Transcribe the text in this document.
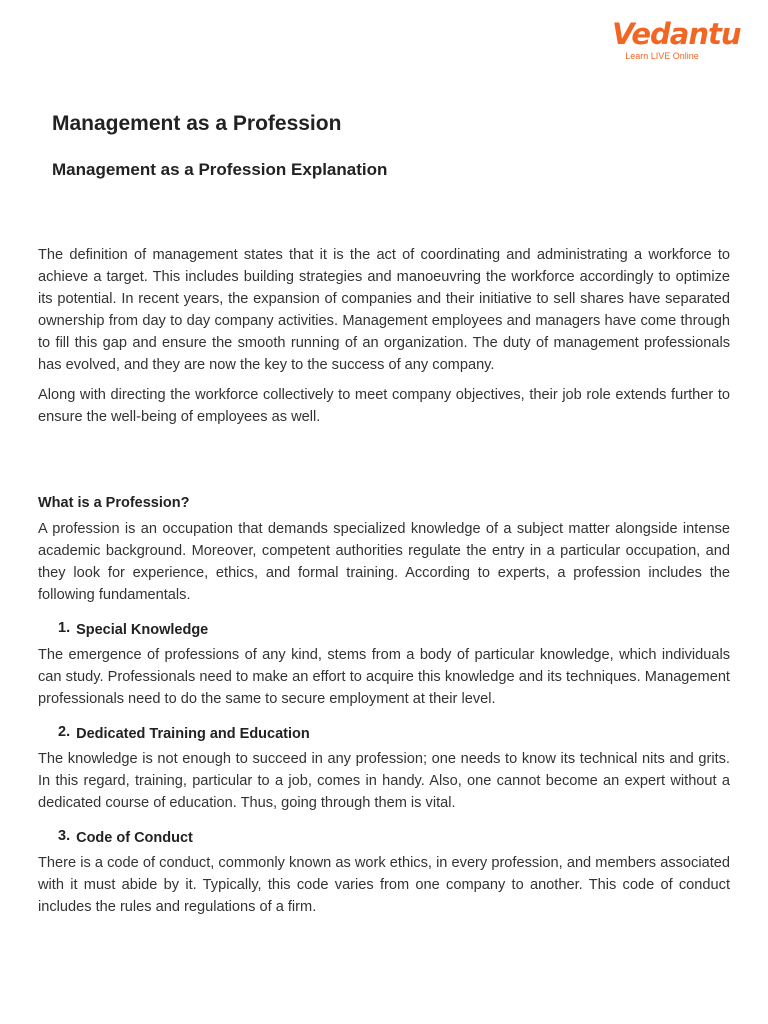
Vedantu
Learn LIVE Online
Management as a Profession
Management as a Profession Explanation

The definition of management states that it is the act of coordinating and administrating a workforce to achieve a target. This includes building strategies and manoeuvring the workforce accordingly to optimize its potential. In recent years, the expansion of companies and their initiative to sell shares have separated ownership from day to day company activities. Management employees and managers have come through to fill this gap and ensure the smooth running of an organization. The duty of management professionals has evolved, and they are now the key to the success of any company.

Along with directing the workforce collectively to meet company objectives, their job role extends further to ensure the well-being of employees as well.

What is a Profession?

A profession is an occupation that demands specialized knowledge of a subject matter alongside intense academic background. Moreover, competent authorities regulate the entry in a particular occupation, and they look for experience, ethics, and formal training. According to experts, a profession includes the following fundamentals.

1. Special Knowledge

The emergence of professions of any kind, stems from a body of particular knowledge, which individuals can study. Professionals need to make an effort to acquire this knowledge and its techniques. Management professionals need to do the same to secure employment at their level.

2. Dedicated Training and Education

The knowledge is not enough to succeed in any profession; one needs to know its technical nits and grits. In this regard, training, particular to a job, comes in handy. Also, one cannot become an expert without a dedicated course of education. Thus, going through them is vital.

3. Code of Conduct

There is a code of conduct, commonly known as work ethics, in every profession, and members associated with it must abide by it. Typically, this code varies from one company to another. This code of conduct includes the rules and regulations of a firm.
